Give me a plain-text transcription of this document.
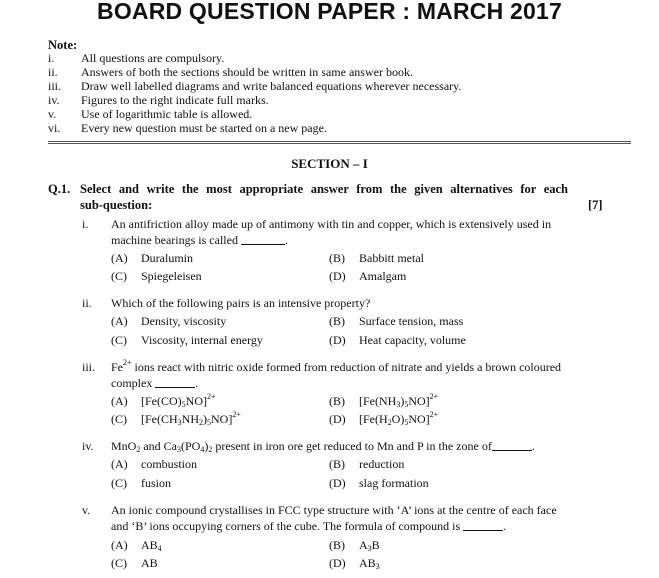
BOARD QUESTION PAPER : MARCH 2017
Note:
i. All questions are compulsory.
ii. Answers of both the sections should be written in same answer book.
iii. Draw well labelled diagrams and write balanced equations wherever necessary.
iv. Figures to the right indicate full marks.
v. Use of logarithmic table is allowed.
vi. Every new question must be started on a new page.
SECTION – I
Q.1. Select and write the most appropriate answer from the given alternatives for each
sub-question:	[7]
i. An antifriction alloy made up of antimony with tin and copper, which is extensively used in
machine bearings is called	.
(A) Duralumin	(B) Babbitt metal
(C) Spiegeleisen	(D) Amalgam
ii. Which of the following pairs is an intensive property?
(A) Density, viscosity	(B) Surface tension, mass
(C) Viscosity, internal energy	(D) Heat capacity, volume
iii. $Fe^{2+}$ ions react with nitric oxide formed from reduction of nitrate and yields a brown coloured
complex	.
(A) $[Fe(CO)_5NO]^{2+}$	(B) $[Fe(NH_3)_5NO]^{2+}$
(C) $[Fe(CH_3NH_2)_5NO]^{2+}$	(D) $[Fe(H_2O)_5NO]^{2+}$
iv. MnO$_2$ and $Ca_3(PO_4)_2$ present in iron ore get reduced to Mn and P in the zone of	.
(A) combustion	(B) reduction
(C) fusion	(D) slag formation
v. An ionic compound crystallises in FCC type structure with ‘A’ ions at the centre of each face
and ‘B’ ions occupying corners of the cube. The formula of compound is	.
(A) $AB_4$	(B) $A_3B$
(C) AB	(D) $AB_3$
